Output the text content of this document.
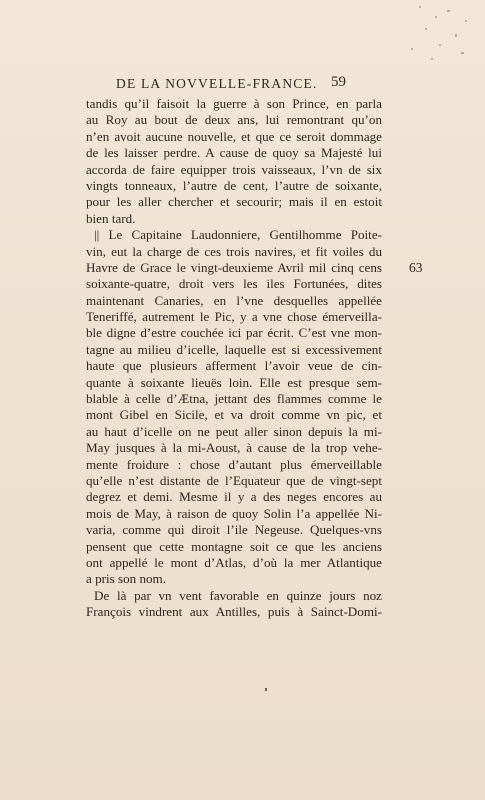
DE LA NOVVELLE-FRANCE. 59
tandis qu’il faisoit la guerre à son Prince, en parla
au Roy au bout de deux ans, lui remontrant qu’on
n’en avoit aucune nouvelle, et que ce seroit dommage
de les laisser perdre. A cause de quoy sa Majesté lui
accorda de faire equipper trois vaisseaux, l’vn de six
vingts tonneaux, l’autre de cent, l’autre de soixante,
pour les aller chercher et secourir; mais il en estoit
bien tard.
|| Le Capitaine Laudonniere, Gentilhomme Poite-
vin, eut la charge de ces trois navires, et fit voiles du
Havre de Grace le vingt-deuxieme Avril mil cinq cens
soixante-quatre, droit vers les iles Fortunées, dites
maintenant Canaries, en l’vne desquelles appellée
Teneriffé, autrement le Pic, y a vne chose émerveilla-
ble digne d’estre couchée ici par écrit. C’est vne mon-
tagne au milieu d’icelle, laquelle est si excessivement
haute que plusieurs afferment l’avoir veue de cin-
quante à soixante lieuës loin. Elle est presque sem-
blable à celle d’Ætna, jettant des flammes comme le
mont Gibel en Sicile, et va droit comme vn pic, et
au haut d’icelle on ne peut aller sinon depuis la mi-
May jusques à la mi-Aoust, à cause de la trop vehe-
mente froidure : chose d’autant plus émerveillable
qu’elle n’est distante de l’Equateur que de vingt-sept
degrez et demi. Mesme il y a des neges encores au
mois de May, à raison de quoy Solin l’a appellée Ni-
varia, comme qui diroit l’ile Negeuse. Quelques-vns
pensent que cette montagne soit ce que les anciens
ont appellé le mont d’Atlas, d’où la mer Atlantique
a pris son nom.
De là par vn vent favorable en quinze jours noz
François vindrent aux Antilles, puis à Sainct-Domi-
63
